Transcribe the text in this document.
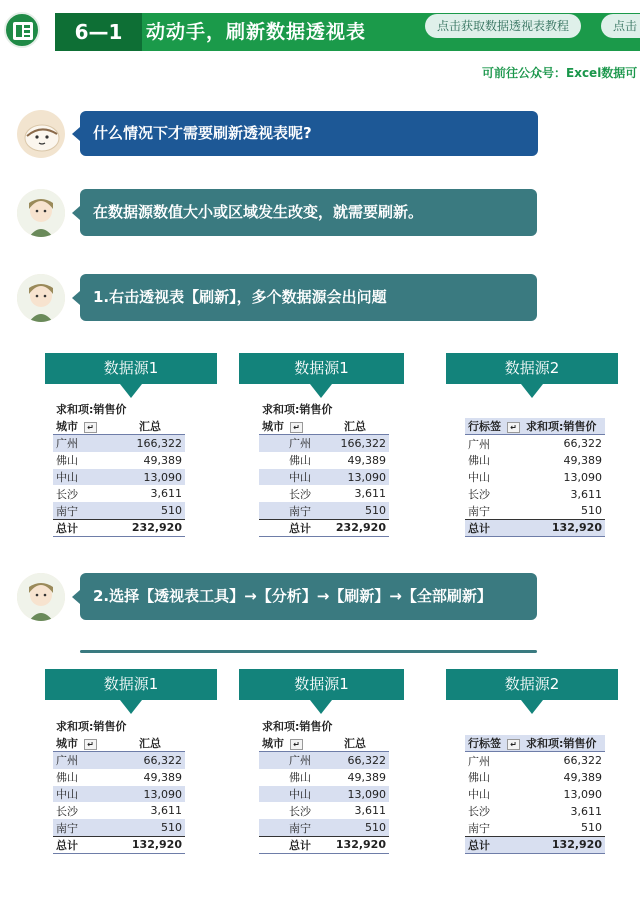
6—1	动动手，刷新数据透视表	点击获取数据透视表教程	点击
可前往公众号：Excel数据可
什么情况下才需要刷新透视表呢?
在数据源数值大小或区域发生改变，就需要刷新。
1.右击透视表【刷新】，多个数据源会出问题
数据源1	数据源1	数据源2
求和项:销售价	
城市 ↵	汇总
广州	166,322
佛山	49,389
中山	13,090
长沙	3,611
南宁	510
总计	232,920
求和项:销售价	
城市 ↵	汇总
广州	166,322
佛山	49,389
中山	13,090
长沙	3,611
南宁	510
总计	232,920
行标签 ↵	求和项:销售价
广州	66,322
佛山	49,389
中山	13,090
长沙	3,611
南宁	510
总计	132,920
2.选择【透视表工具】→【分析】→【刷新】→【全部刷新】
数据源1	数据源1	数据源2
求和项:销售价	
城市 ↵	汇总
广州	66,322
佛山	49,389
中山	13,090
长沙	3,611
南宁	510
总计	132,920
求和项:销售价	
城市 ↵	汇总
广州	66,322
佛山	49,389
中山	13,090
长沙	3,611
南宁	510
总计	132,920
行标签 ↵	求和项:销售价
广州	66,322
佛山	49,389
中山	13,090
长沙	3,611
南宁	510
总计	132,920
@悟空问答
